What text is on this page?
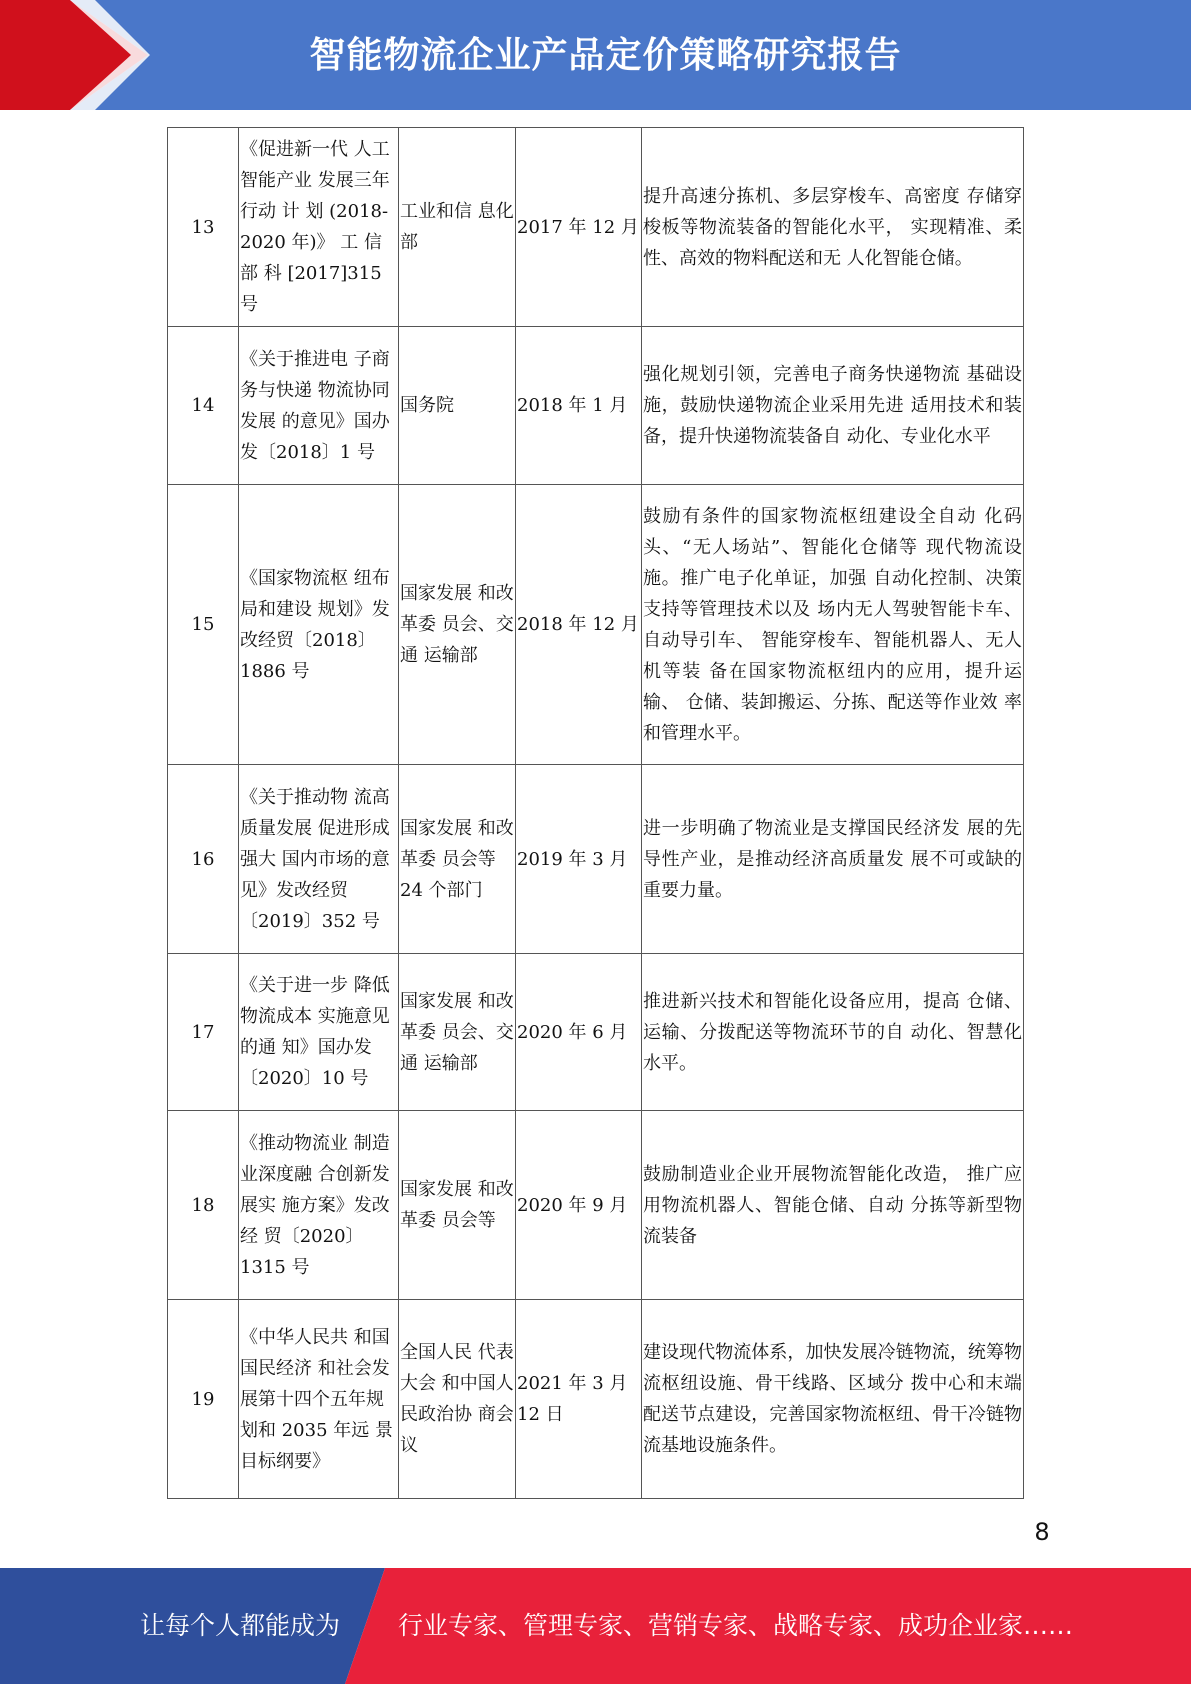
智能物流企业产品定价策略研究报告
13	《促进新一代 人工智能产业 发展三年行动 计 划 (2018-2020 年)》 工 信 部 科 [2017]315 号	工业和信 息化部	2017 年 12 月	提升高速分拣机、多层穿梭车、高密度 存储穿梭板等物流装备的智能化水平， 实现精准、柔性、高效的物料配送和无 人化智能仓储。
14	《关于推进电 子商务与快递 物流协同发展 的意见》国办发〔2018〕1 号	国务院	2018 年 1 月	强化规划引领，完善电子商务快递物流 基础设施，鼓励快递物流企业采用先进 适用技术和装备，提升快递物流装备自 动化、专业化水平
15	《国家物流枢 纽布局和建设 规划》发改经贸〔2018〕1886 号	国家发展 和改革委 员会、交通 运输部	2018 年 12 月	鼓励有条件的国家物流枢纽建设全自动 化码头、“无人场站”、智能化仓储等 现代物流设施。推广电子化单证，加强 自动化控制、决策支持等管理技术以及 场内无人驾驶智能卡车、自动导引车、 智能穿梭车、智能机器人、无人机等装 备在国家物流枢纽内的应用，提升运输、 仓储、装卸搬运、分拣、配送等作业效 率和管理水平。
16	《关于推动物 流高质量发展 促进形成强大 国内市场的意 见》发改经贸〔2019〕352 号	国家发展 和改革委 员会等 24 个部门	2019 年 3 月	进一步明确了物流业是支撑国民经济发 展的先导性产业，是推动经济高质量发 展不可或缺的重要力量。
17	《关于进一步 降低物流成本 实施意见的通 知》国办发〔2020〕10 号	国家发展 和改革委 员会、交通 运输部	2020 年 6 月	推进新兴技术和智能化设备应用，提高 仓储、运输、分拨配送等物流环节的自 动化、智慧化水平。
18	《推动物流业 制造业深度融 合创新发展实 施方案》发改经 贸〔2020〕1315 号	国家发展 和改革委 员会等	2020 年 9 月	鼓励制造业企业开展物流智能化改造， 推广应用物流机器人、智能仓储、自动 分拣等新型物流装备
19	《中华人民共 和国国民经济 和社会发展第十四个五年规 划和 2035 年远 景目标纲要》	全国人民 代表大会 和中国人民政治协 商会议	2021 年 3 月 12 日	建设现代物流体系，加快发展冷链物流，统筹物流枢纽设施、骨干线路、区域分 拨中心和末端配送节点建设，完善国家物流枢纽、骨干冷链物流基地设施条件。
8
让每个人都能成为 行业专家、管理专家、营销专家、战略专家、成功企业家……
